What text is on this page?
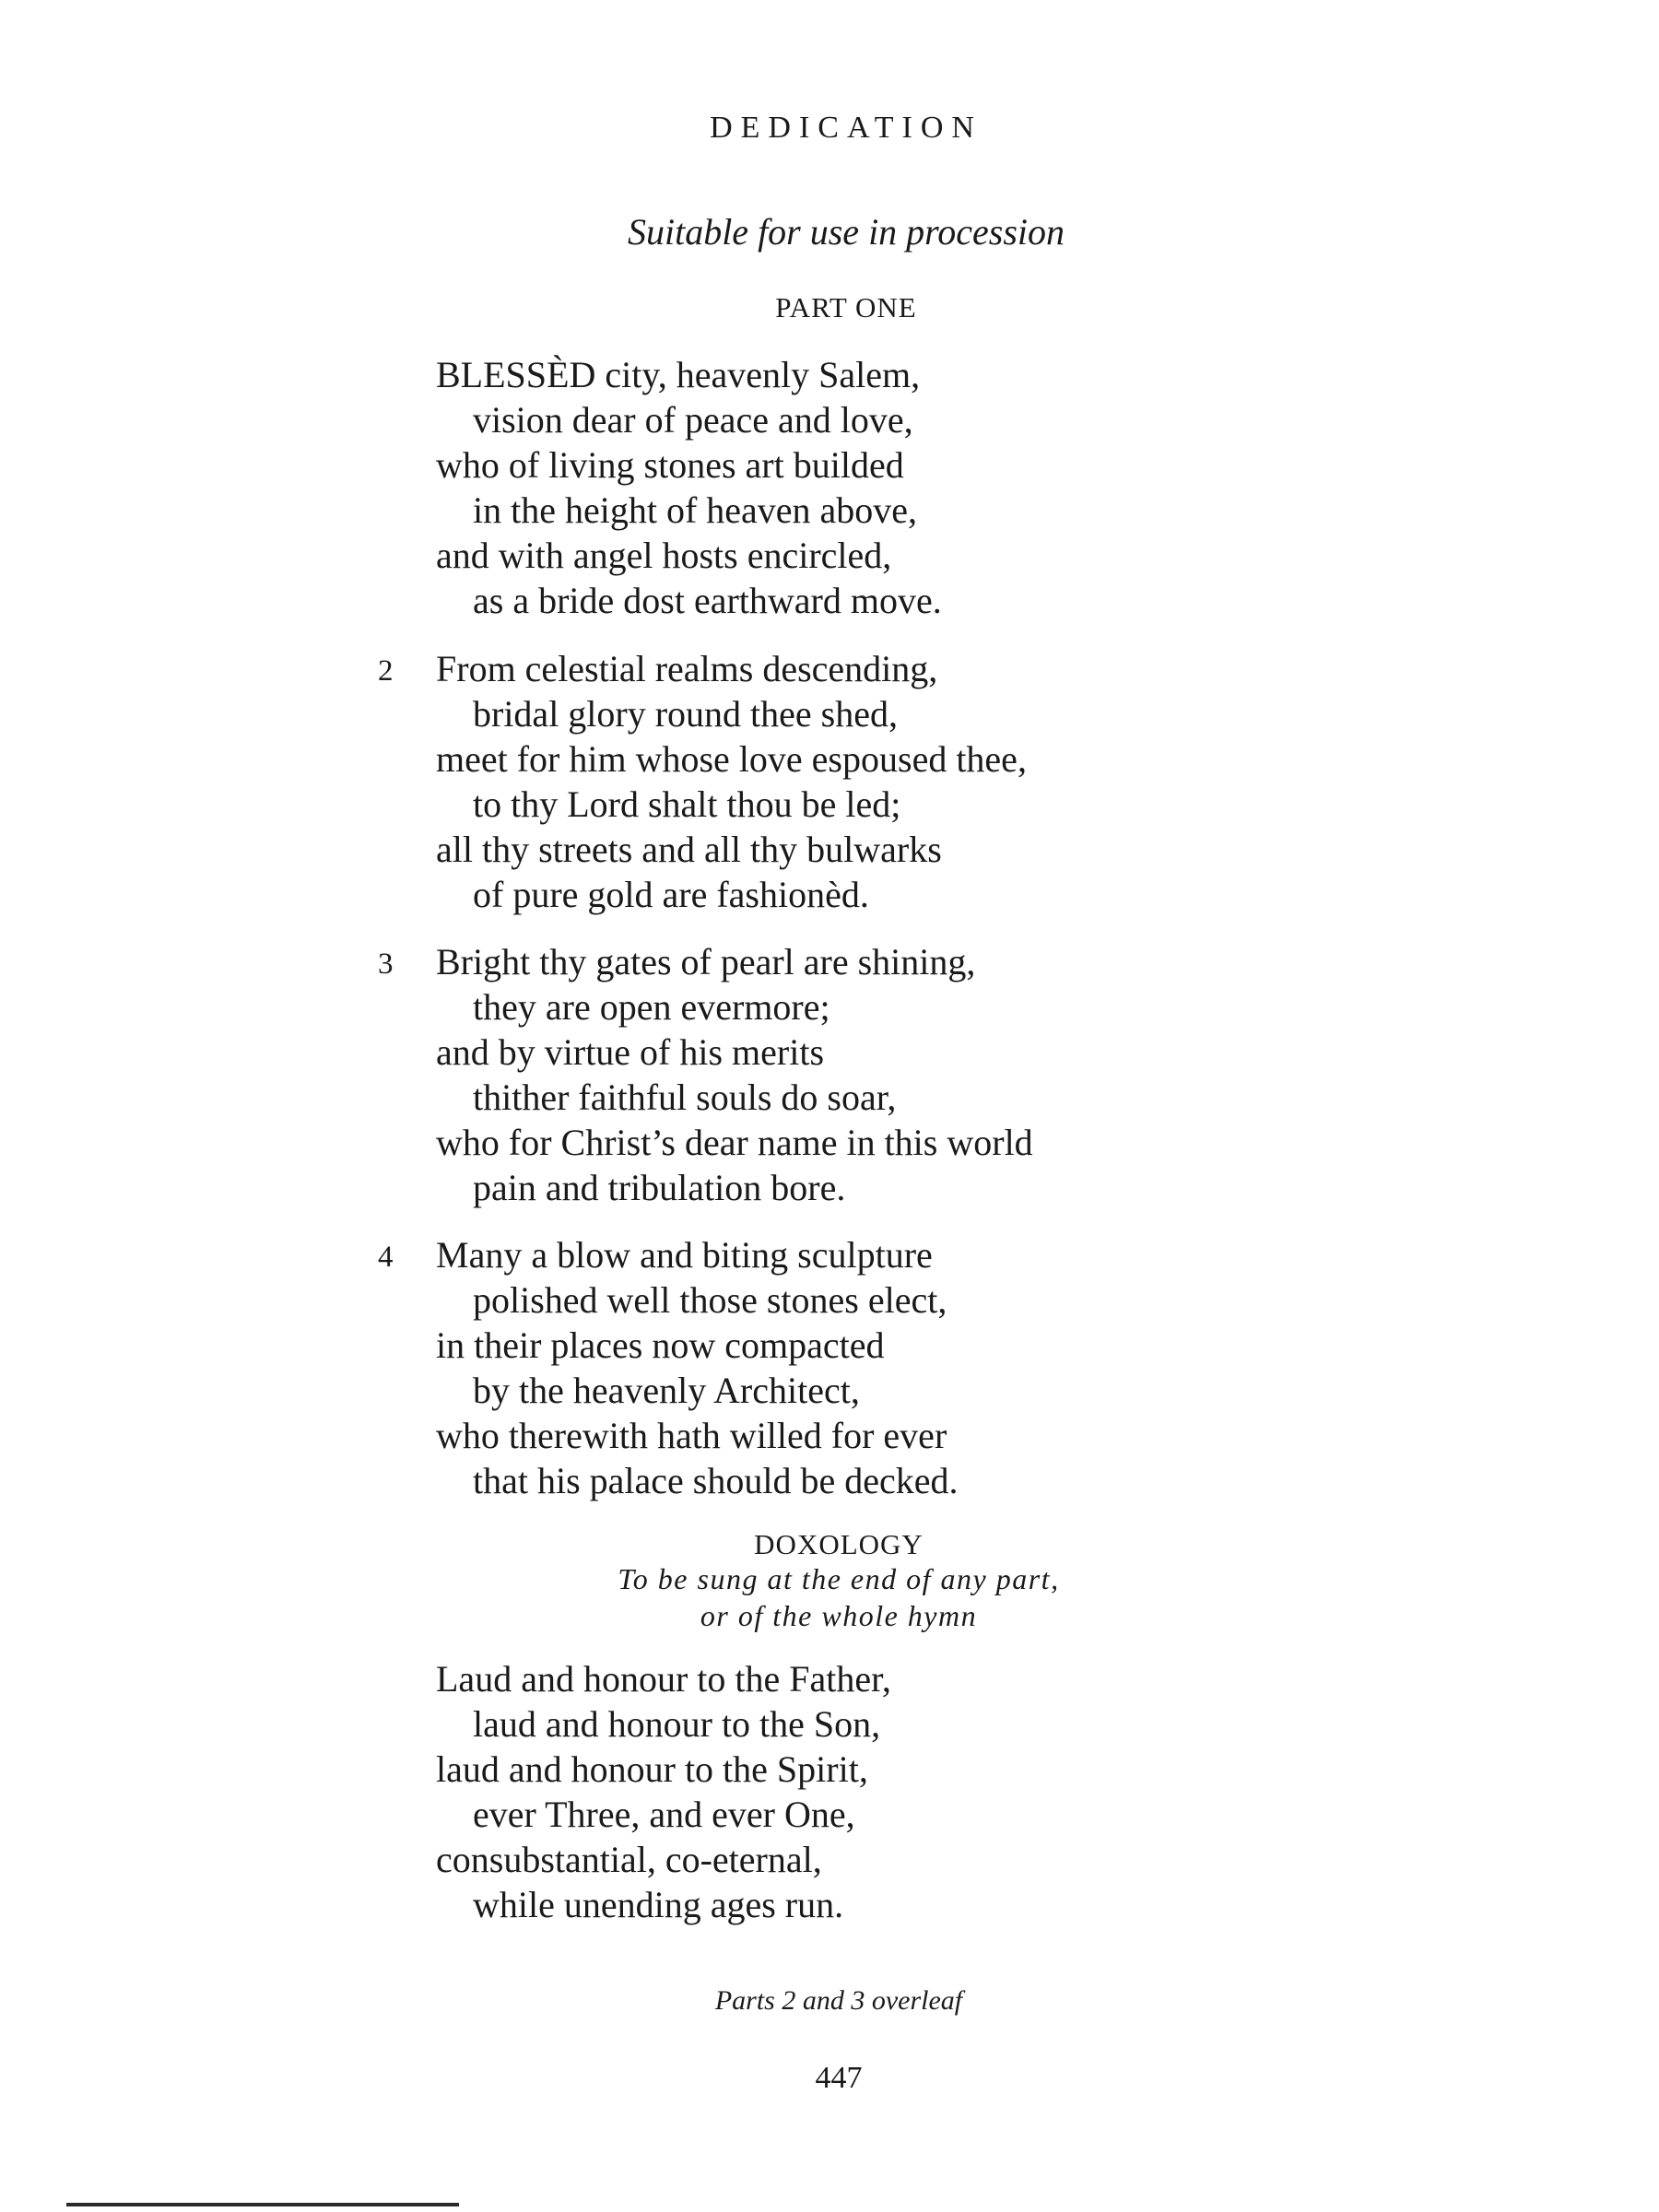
DEDICATION
Suitable for use in procession
PART ONE
BLESSÈD city, heavenly Salem,
vision dear of peace and love,
who of living stones art builded
in the height of heaven above,
and with angel hosts encircled,
as a bride dost earthward move.
2 From celestial realms descending,
bridal glory round thee shed,
meet for him whose love espoused thee,
to thy Lord shalt thou be led;
all thy streets and all thy bulwarks
of pure gold are fashionèd.
3 Bright thy gates of pearl are shining,
they are open evermore;
and by virtue of his merits
thither faithful souls do soar,
who for Christ’s dear name in this world
pain and tribulation bore.
4 Many a blow and biting sculpture
polished well those stones elect,
in their places now compacted
by the heavenly Architect,
who therewith hath willed for ever
that his palace should be decked.
DOXOLOGY
To be sung at the end of any part,
or of the whole hymn
Laud and honour to the Father,
laud and honour to the Son,
laud and honour to the Spirit,
ever Three, and ever One,
consubstantial, co-eternal,
while unending ages run.
Parts 2 and 3 overleaf
447
